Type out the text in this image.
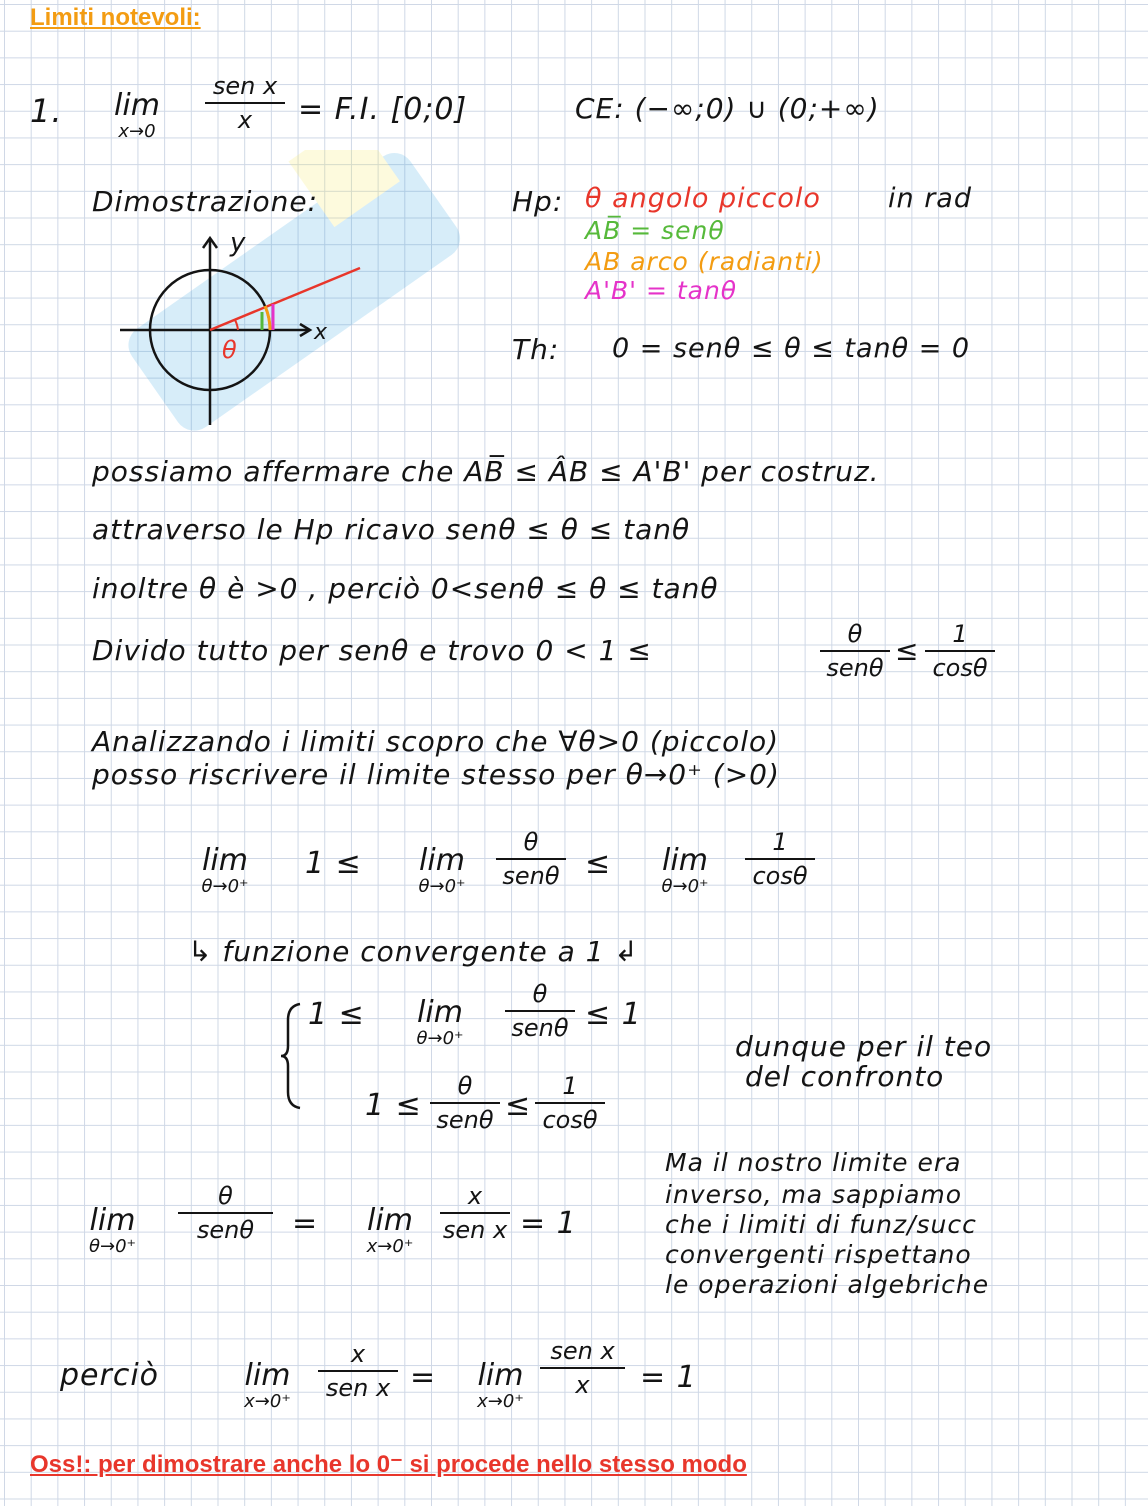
Limiti notevoli:
1.	lim
x→0
sen x
x	= F.I. [0;0]	CE: (−∞;0) ∪ (0;+∞)
Dimostrazione:
y
x
θ
Hp: θ angolo piccolo in rad
AB̅ = senθ
AB arco (radianti)
A'B' = tanθ
Th: 0 = senθ ≤ θ ≤ tanθ = 0
possiamo affermare che AB̅ ≤ ÂB ≤ A'B' per costruz.
attraverso le Hp ricavo senθ ≤ θ ≤ tanθ
inoltre θ è >0 , perciò 0<senθ ≤ θ ≤ tanθ
Divido tutto per senθ e trovo 0 < 1 ≤	θ
senθ
≤	1
cosθ
Analizzando i limiti scopro che ∀θ>0 (piccolo)
posso riscrivere il limite stesso per θ→0⁺ (>0)
lim
θ→0⁺
1 ≤	lim
θ→0⁺
θ
senθ ≤	lim
θ→0⁺
1
cosθ
↳ funzione convergente a 1 ↲
1 ≤	lim
θ→0⁺
θ
senθ ≤ 1
1 ≤
θ
senθ ≤
1
cosθ
dunque per il teo
del confronto
lim
θ→0⁺
θ
senθ	=	lim
x→0⁺
x
sen x = 1
Ma il nostro limite era
inverso, ma sappiamo
che i limiti di funz/succ
convergenti rispettano
le operazioni algebriche
perciò	lim
x→0⁺
x
sen x =	lim
x→0⁺
sen x
x	= 1
Oss!: per dimostrare anche lo 0⁻ si procede nello stesso modo
